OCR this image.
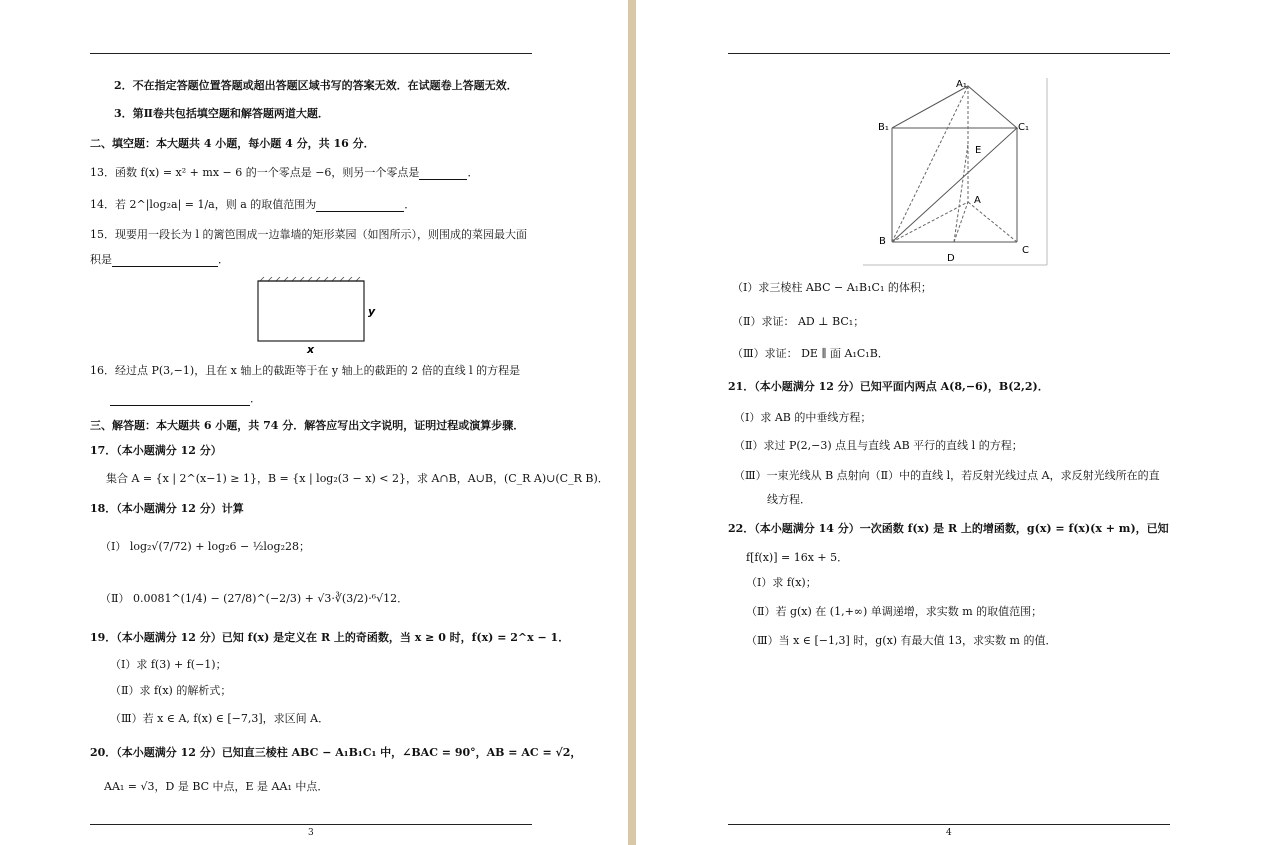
2．不在指定答题位置答题或超出答题区域书写的答案无效．在试题卷上答题无效．
3．第Ⅱ卷共包括填空题和解答题两道大题．
二、填空题：本大题共 4 小题，每小题 4 分，共 16 分．
13．函数 f(x) = x² + mx − 6 的一个零点是 −6，则另一个零点是	．
14．若 2^|log₂a| = 1/a，则 a 的取值范围为	．
15．现要用一段长为 l 的篱笆围成一边靠墙的矩形菜园（如图所示），则围成的菜园最大面
积是	．
y
x
16．经过点 P(3,−1)，且在 x 轴上的截距等于在 y 轴上的截距的 2 倍的直线 l 的方程是
．
三、解答题：本大题共 6 小题，共 74 分．解答应写出文字说明，证明过程或演算步骤．
17．（本小题满分 12 分）
集合 A = {x | 2^(x−1) ≥ 1}，B = {x | log₂(3 − x) < 2}，求 A∩B，A∪B，(C_R A)∪(C_R B)．
18．（本小题满分 12 分）计算
（Ⅰ） log₂√(7/72) + log₂6 − ½log₂28；
（Ⅱ） 0.0081^(1/4) − (27/8)^(−2/3) + √3·∛(3/2)·⁶√12．
19．（本小题满分 12 分）已知 f(x) 是定义在 R 上的奇函数，当 x ≥ 0 时，f(x) = 2^x − 1．
（Ⅰ）求 f(3) + f(−1)；
（Ⅱ）求 f(x) 的解析式；
（Ⅲ）若 x ∈ A, f(x) ∈ [−7,3]，求区间 A．
20．（本小题满分 12 分）已知直三棱柱 ABC − A₁B₁C₁ 中，∠BAC = 90°，AB = AC = √2，
AA₁ = √3，D 是 BC 中点，E 是 AA₁ 中点．
3
A₁
B₁	C₁
E
A
B
C
D
（Ⅰ）求三棱柱 ABC − A₁B₁C₁ 的体积；
（Ⅱ）求证： AD ⊥ BC₁；
（Ⅲ）求证： DE ∥ 面 A₁C₁B．
21．（本小题满分 12 分）已知平面内两点 A(8,−6)，B(2,2)．
（Ⅰ）求 AB 的中垂线方程；
（Ⅱ）求过 P(2,−3) 点且与直线 AB 平行的直线 l 的方程；
（Ⅲ）一束光线从 B 点射向（Ⅱ）中的直线 l，若反射光线过点 A，求反射光线所在的直
线方程．
22．（本小题满分 14 分）一次函数 f(x) 是 R 上的增函数，g(x) = f(x)(x + m)，已知
f[f(x)] = 16x + 5．
（Ⅰ）求 f(x)；
（Ⅱ）若 g(x) 在 (1,+∞) 单调递增，求实数 m 的取值范围；
（Ⅲ）当 x ∈ [−1,3] 时，g(x) 有最大值 13，求实数 m 的值．
4
